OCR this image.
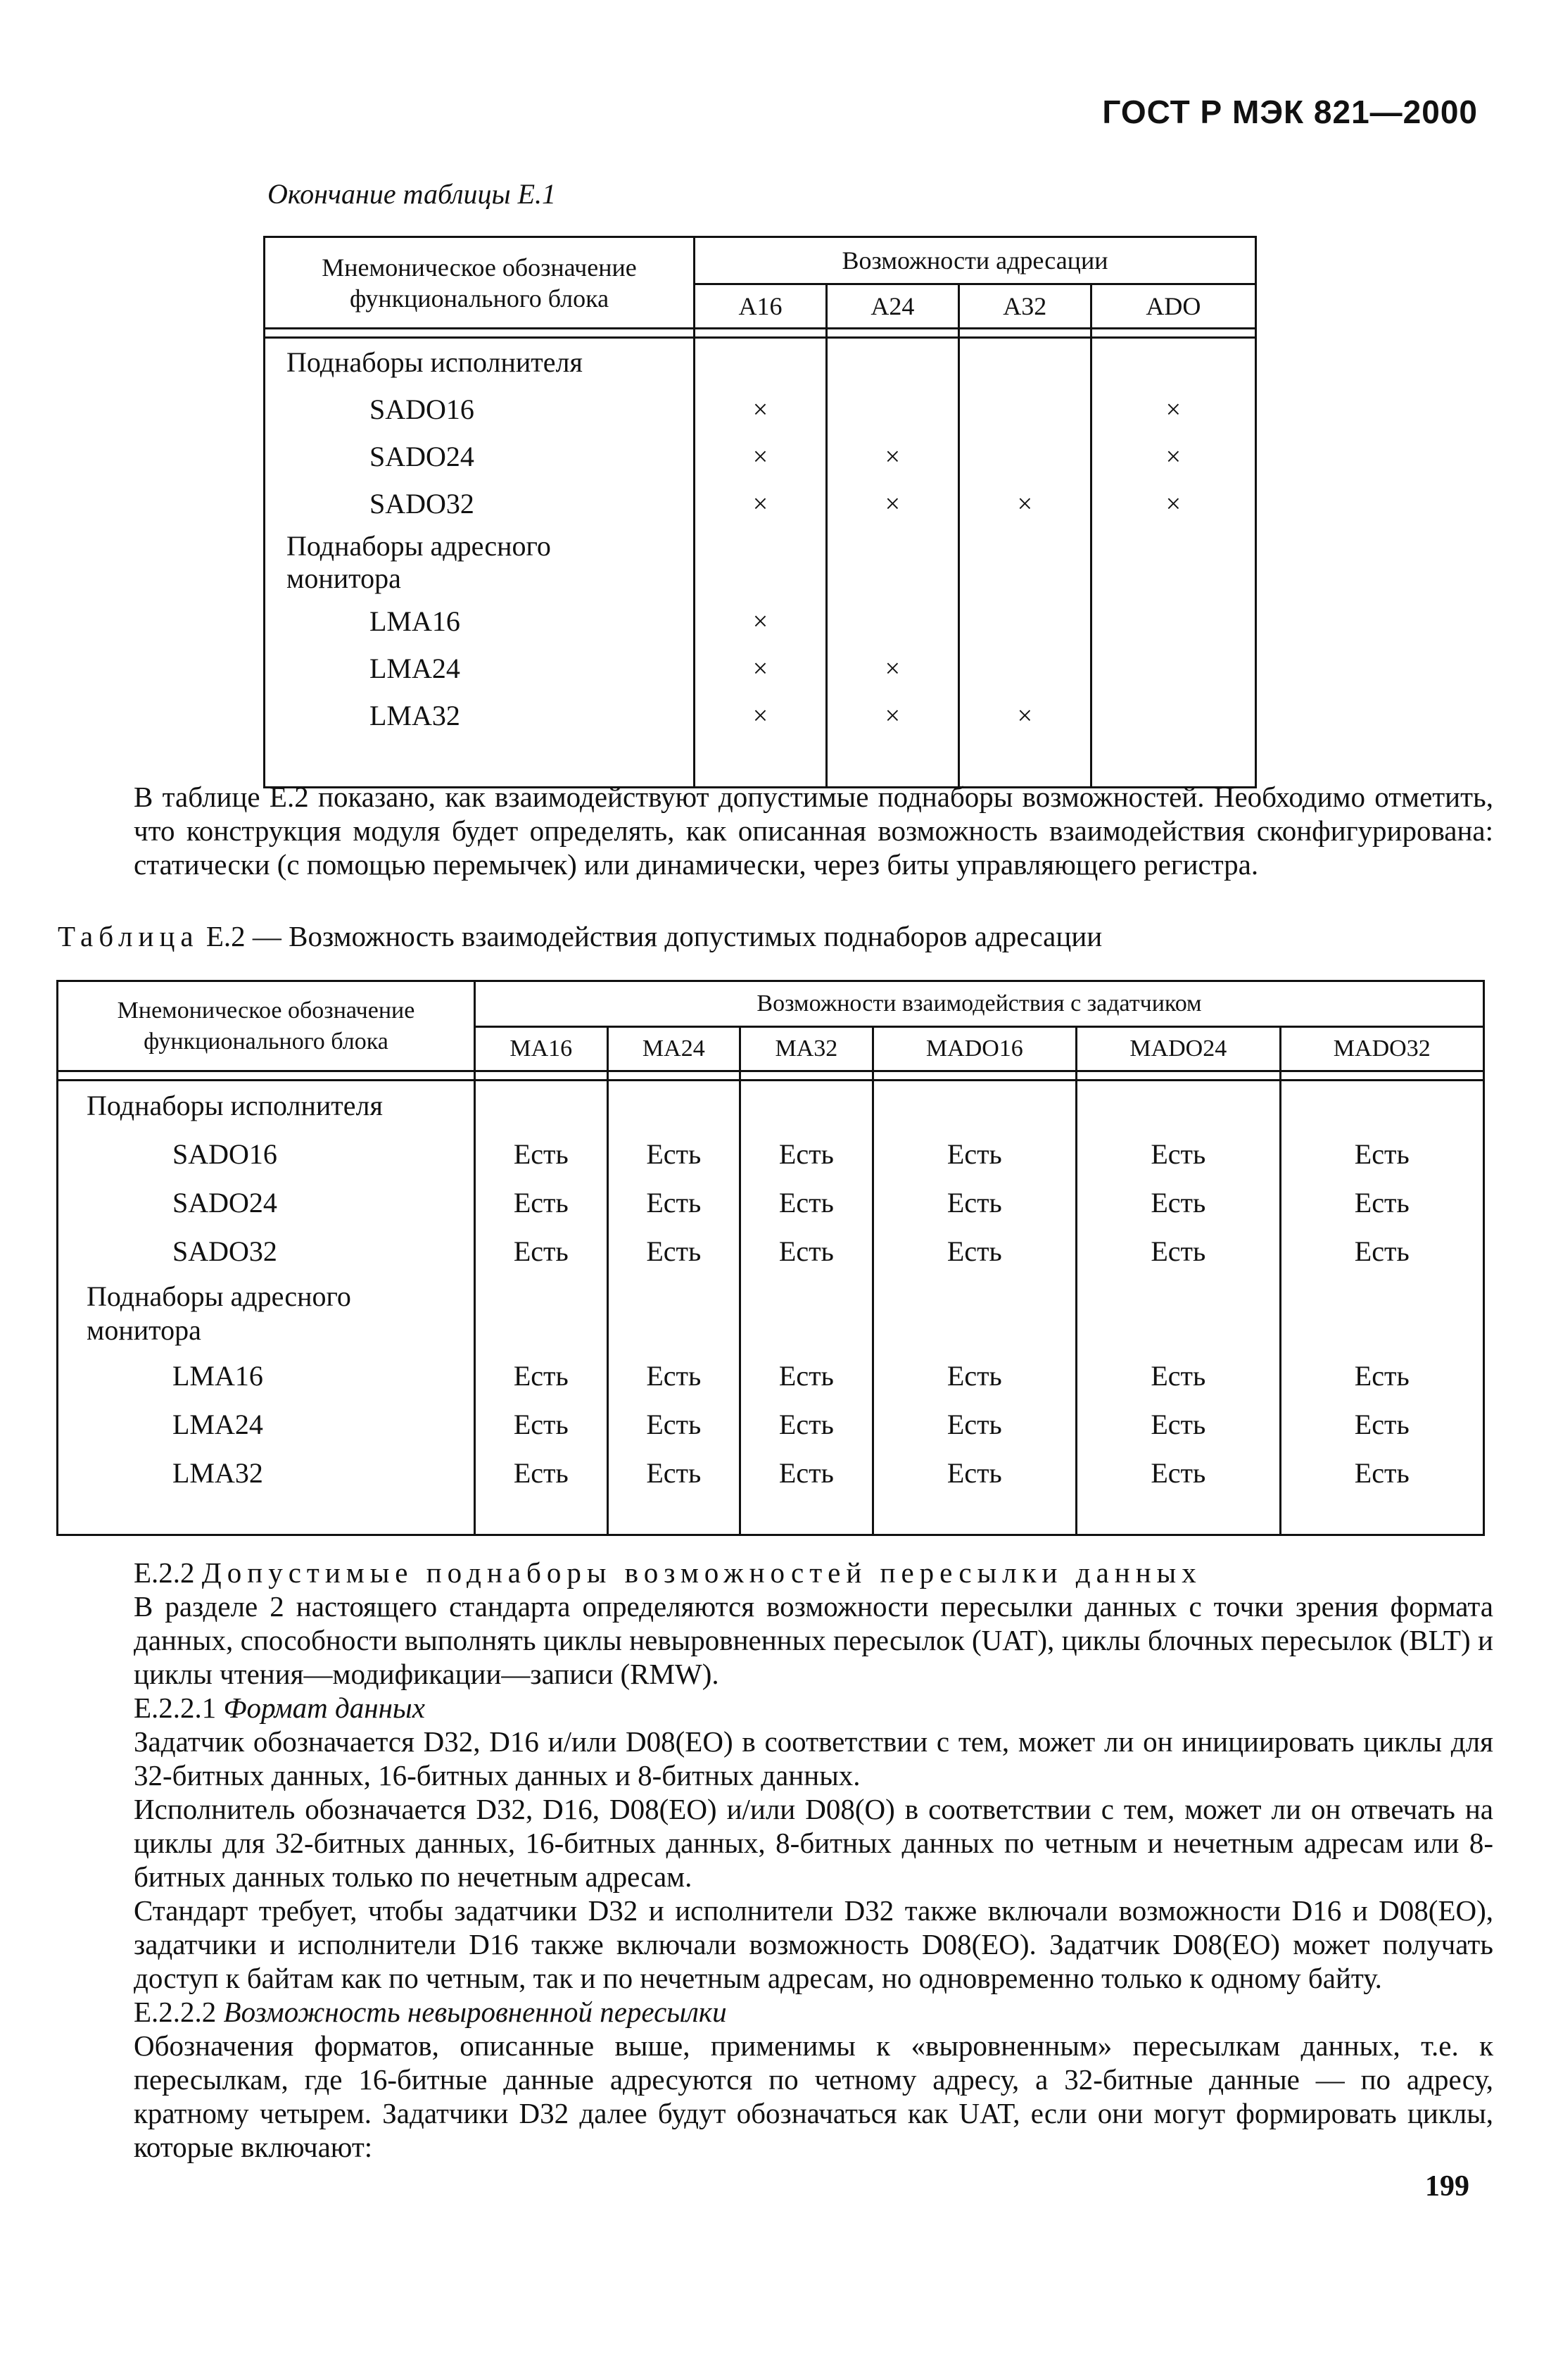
ГОСТ Р МЭК 821—2000
Окончание таблицы Е.1
Мнемоническое обозначение функционального блока	Возможности адресации			
	A16	A24	A32	ADO

Поднаборы исполнителя				
SADO16	×			×
SADO24	×	×		×
SADO32	×	×	×	×
Поднаборы адресного монитора				
LMA16	×			
LMA24	×	×		
LMA32	×	×	×	

В таблице Е.2 показано, как взаимодействуют допустимые поднаборы возможностей. Необходимо отметить, что конструкция модуля будет определять, как описанная возможность взаимодействия сконфигурирована: статически (с помощью перемычек) или динамически, через биты управляющего регистра.
Таблица Е.2 — Возможность взаимодействия допустимых поднаборов адресации
Мнемоническое обозначение функционального блока	Возможности взаимодействия с задатчиком					
	MA16	MA24	MA32	MADO16	MADO24	MADO32

Поднаборы исполнителя						
SADO16	Есть	Есть	Есть	Есть	Есть	Есть
SADO24	Есть	Есть	Есть	Есть	Есть	Есть
SADO32	Есть	Есть	Есть	Есть	Есть	Есть
Поднаборы адресного монитора						
LMA16	Есть	Есть	Есть	Есть	Есть	Есть
LMA24	Есть	Есть	Есть	Есть	Есть	Есть
LMA32	Есть	Есть	Есть	Есть	Есть	Есть

Е.2.2 Допустимые поднаборы возможностей пересылки данных

В разделе 2 настоящего стандарта определяются возможности пересылки данных с точки зрения формата данных, способности выполнять циклы невыровненных пересылок (UAT), циклы блочных пересылок (BLT) и циклы чтения—модификации—записи (RMW).

Е.2.2.1 Формат данных

Задатчик обозначается D32, D16 и/или D08(EO) в соответствии с тем, может ли он инициировать циклы для 32-битных данных, 16-битных данных и 8-битных данных.

Исполнитель обозначается D32, D16, D08(EO) и/или D08(O) в соответствии с тем, может ли он отвечать на циклы для 32-битных данных, 16-битных данных, 8-битных данных по четным и нечетным адресам или 8-битных данных только по нечетным адресам.

Стандарт требует, чтобы задатчики D32 и исполнители D32 также включали возможности D16 и D08(EO), задатчики и исполнители D16 также включали возможность D08(EO). Задатчик D08(EO) может получать доступ к байтам как по четным, так и по нечетным адресам, но одновременно только к одному байту.

Е.2.2.2 Возможность невыровненной пересылки

Обозначения форматов, описанные выше, применимы к «выровненным» пересылкам данных, т.е. к пересылкам, где 16-битные данные адресуются по четному адресу, а 32-битные данные — по адресу, кратному четырем. Задатчики D32 далее будут обозначаться как UAT, если они могут формировать циклы, которые включают:

199
